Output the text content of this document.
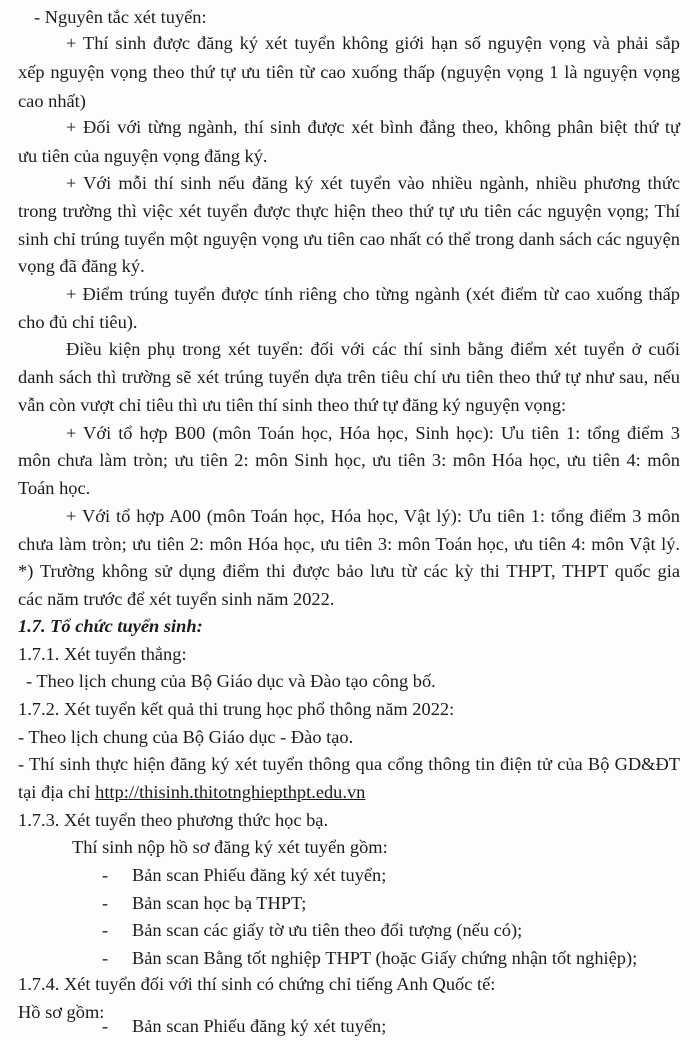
- Nguyên tắc xét tuyển:
+ Thí sinh được đăng ký xét tuyển không giới hạn số nguyện vọng và phải sắp
xếp nguyện vọng theo thứ tự ưu tiên từ cao xuống thấp (nguyện vọng 1 là nguyện vọng
cao nhất)
+ Đối với từng ngành, thí sinh được xét bình đẳng theo, không phân biệt thứ tự
ưu tiên của nguyện vọng đăng ký.
+ Với mỗi thí sinh nếu đăng ký xét tuyển vào nhiều ngành, nhiều phương thức
trong trường thì việc xét tuyển được thực hiện theo thứ tự ưu tiên các nguyện vọng; Thí
sinh chỉ trúng tuyển một nguyện vọng ưu tiên cao nhất có thể trong danh sách các nguyện
vọng đã đăng ký.
+ Điểm trúng tuyển được tính riêng cho từng ngành (xét điểm từ cao xuống thấp
cho đủ chỉ tiêu).
Điều kiện phụ trong xét tuyển: đối với các thí sinh bằng điểm xét tuyển ở cuối
danh sách thì trường sẽ xét trúng tuyển dựa trên tiêu chí ưu tiên theo thứ tự như sau, nếu
vẫn còn vượt chỉ tiêu thì ưu tiên thí sinh theo thứ tự đăng ký nguyện vọng:
+ Với tổ hợp B00 (môn Toán học, Hóa học, Sinh học): Ưu tiên 1: tổng điểm 3
môn chưa làm tròn; ưu tiên 2: môn Sinh học, ưu tiên 3: môn Hóa học, ưu tiên 4: môn
Toán học.
+ Với tổ hợp A00 (môn Toán học, Hóa học, Vật lý): Ưu tiên 1: tổng điểm 3 môn
chưa làm tròn; ưu tiên 2: môn Hóa học, ưu tiên 3: môn Toán học, ưu tiên 4: môn Vật lý.
*) Trường không sử dụng điểm thi được bảo lưu từ các kỳ thi THPT, THPT quốc gia
các năm trước để xét tuyển sinh năm 2022.
1.7. Tổ chức tuyển sinh:
1.7.1. Xét tuyển thẳng:
- Theo lịch chung của Bộ Giáo dục và Đào tạo công bố.
1.7.2. Xét tuyển kết quả thi trung học phổ thông năm 2022:
- Theo lịch chung của Bộ Giáo dục - Đào tạo.
- Thí sinh thực hiện đăng ký xét tuyển thông qua cổng thông tin điện tử của Bộ GD&ĐT
tại địa chỉ http://thisinh.thitotnghiepthpt.edu.vn
1.7.3. Xét tuyển theo phương thức học bạ.
Thí sinh nộp hồ sơ đăng ký xét tuyển gồm:
- Bản scan Phiếu đăng ký xét tuyển;
- Bản scan học bạ THPT;
- Bản scan các giấy tờ ưu tiên theo đối tượng (nếu có);
- Bản scan Bằng tốt nghiệp THPT (hoặc Giấy chứng nhận tốt nghiệp);
1.7.4. Xét tuyển đối với thí sinh có chứng chỉ tiếng Anh Quốc tế:
Hồ sơ gồm:
- Bản scan Phiếu đăng ký xét tuyển;
